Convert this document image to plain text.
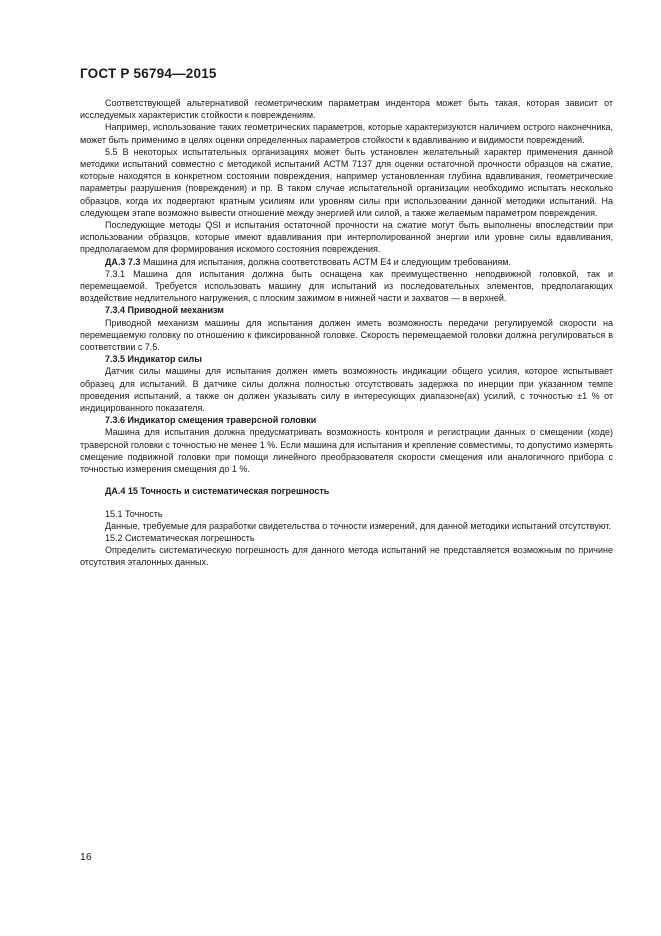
ГОСТ Р 56794—2015

Соответствующей альтернативой геометрическим параметрам индентора может быть такая, которая зависит от исследуемых характеристик стойкости к повреждениям.

Например, использование таких геометрических параметров, которые характеризуются наличием острого наконечника, может быть применимо в целях оценки определенных параметров стойкости к вдавливанию и видимости повреждений.

5.5 В некоторых испытательных организациях может быть установлен желательный характер применения данной методики испытаний совместно с методикой испытаний АСТМ 7137 для оценки остаточной прочности образцов на сжатие, которые находятся в конкретном состоянии повреждения, например установленная глубина вдавливания, геометрические параметры разрушения (повреждения) и пр. В таком случае испытательной организации необходимо испытать несколько образцов, когда их подвергают кратным усилиям или уровням силы при использовании данной методики испытаний. На следующем этапе возможно вывести отношение между энергией или силой, а также желаемым параметром повреждения.

Последующие методы QSI и испытания остаточной прочности на сжатие могут быть выполнены впоследствии при использовании образцов, которые имеют вдавливания при интерполированной энергии или уровне силы вдавливания, предполагаемом для формирования искомого состояния повреждения.

ДА.3 7.3 Машина для испытания, должна соответствовать АСТМ Е4 и следующим требованиям.

7.3.1 Машина для испытания должна быть оснащена как преимущественно неподвижной головкой, так и перемещаемой. Требуется использовать машину для испытаний из последовательных элементов, предполагающих воздействие недлительного нагружения, с плоским зажимом в нижней части и захватов — в верхней.

7.3.4 Приводной механизм

Приводной механизм машины для испытания должен иметь возможность передачи регулируемой скорости на перемещаемую головку по отношению к фиксированной головке. Скорость перемещаемой головки должна регулироваться в соответствии с 7.5.

7.3.5 Индикатор силы

Датчик силы машины для испытания должен иметь возможность индикации общего усилия, которое испытывает образец для испытаний. В датчике силы должна полностью отсутствовать задержка по инерции при указанном темпе проведения испытаний, а также он должен указывать силу в интересующих диапазоне(ах) усилий, с точностью ±1 % от индицированного показателя.

7.3.6 Индикатор смещения траверсной головки

Машина для испытания должна предусматривать возможность контроля и регистрации данных о смещении (ходе) траверсной головки с точностью не менее 1 %. Если машина для испытания и крепление совместимы, то допустимо измерять смещение подвижной головки при помощи линейного преобразователя скорости смещения или аналогичного прибора с точностью измерения смещения до 1 %.

ДА.4 15 Точность и систематическая погрешность

15.1 Точность

Данные, требуемые для разработки свидетельства о точности измерений, для данной методики испытаний отсутствуют.

15.2 Систематическая погрешность

Определить систематическую погрешность для данного метода испытаний не представляется возможным по причине отсутствия эталонных данных.

16
